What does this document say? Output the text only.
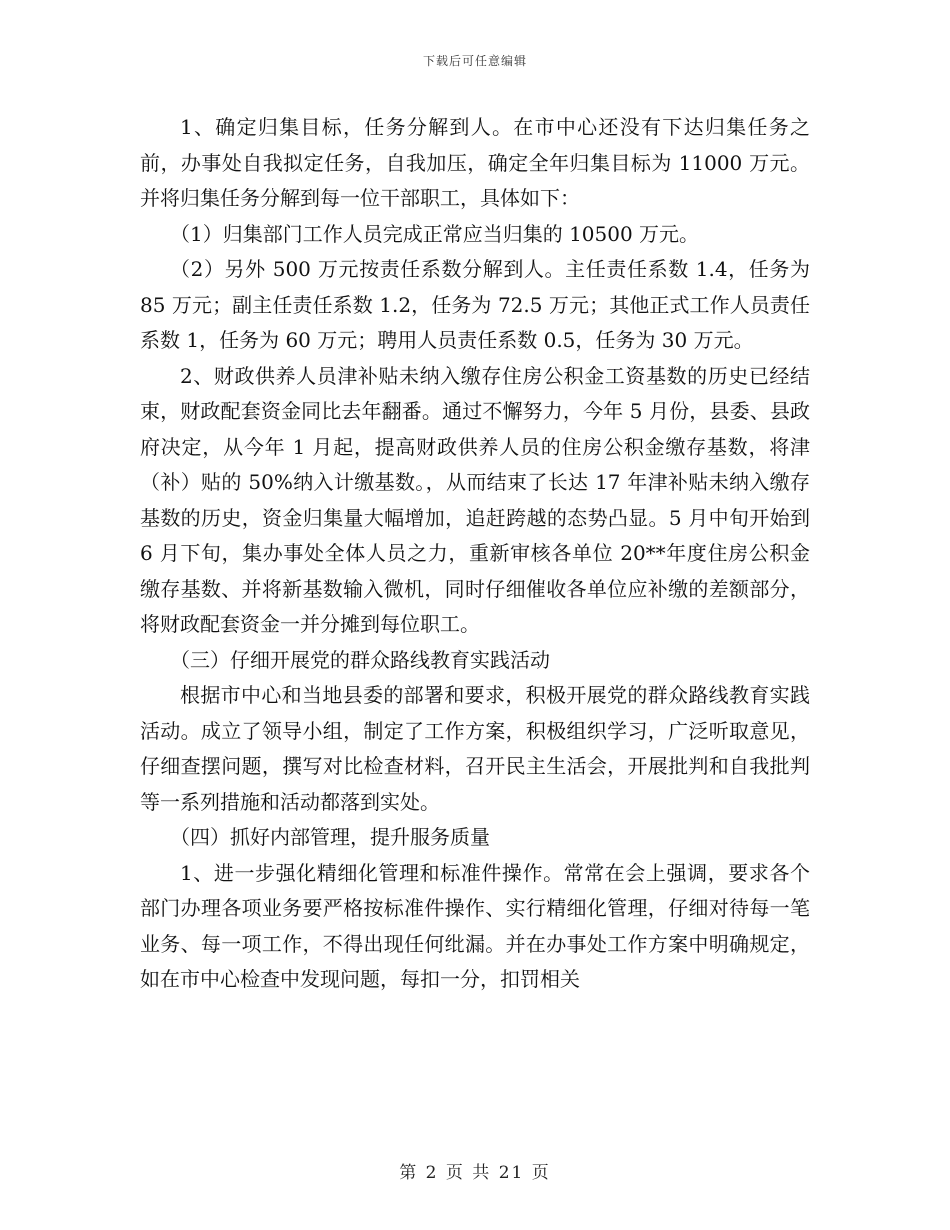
下载后可任意编辑

1、确定归集目标，任务分解到人。在市中心还没有下达归集任务之前，办事处自我拟定任务，自我加压，确定全年归集目标为 11000 万元。并将归集任务分解到每一位干部职工，具体如下：

（1）归集部门工作人员完成正常应当归集的 10500 万元。

（2）另外 500 万元按责任系数分解到人。主任责任系数 1.4，任务为 85 万元；副主任责任系数 1.2，任务为 72.5 万元；其他正式工作人员责任系数 1，任务为 60 万元；聘用人员责任系数 0.5，任务为 30 万元。

2、财政供养人员津补贴未纳入缴存住房公积金工资基数的历史已经结束，财政配套资金同比去年翻番。通过不懈努力，今年 5 月份，县委、县政府决定，从今年 1 月起，提高财政供养人员的住房公积金缴存基数，将津（补）贴的 50%纳入计缴基数。，从而结束了长达 17 年津补贴未纳入缴存基数的历史，资金归集量大幅增加，追赶跨越的态势凸显。5 月中旬开始到 6 月下旬，集办事处全体人员之力，重新审核各单位 20**年度住房公积金缴存基数、并将新基数输入微机，同时仔细催收各单位应补缴的差额部分，将财政配套资金一并分摊到每位职工。

（三）仔细开展党的群众路线教育实践活动

根据市中心和当地县委的部署和要求，积极开展党的群众路线教育实践活动。成立了领导小组，制定了工作方案，积极组织学习，广泛听取意见，仔细查摆问题，撰写对比检查材料，召开民主生活会，开展批判和自我批判等一系列措施和活动都落到实处。

（四）抓好内部管理，提升服务质量

1、进一步强化精细化管理和标准件操作。常常在会上强调，要求各个部门办理各项业务要严格按标准件操作、实行精细化管理，仔细对待每一笔业务、每一项工作，不得出现任何纰漏。并在办事处工作方案中明确规定，如在市中心检查中发现问题，每扣一分，扣罚相关

第 2 页 共 21 页
